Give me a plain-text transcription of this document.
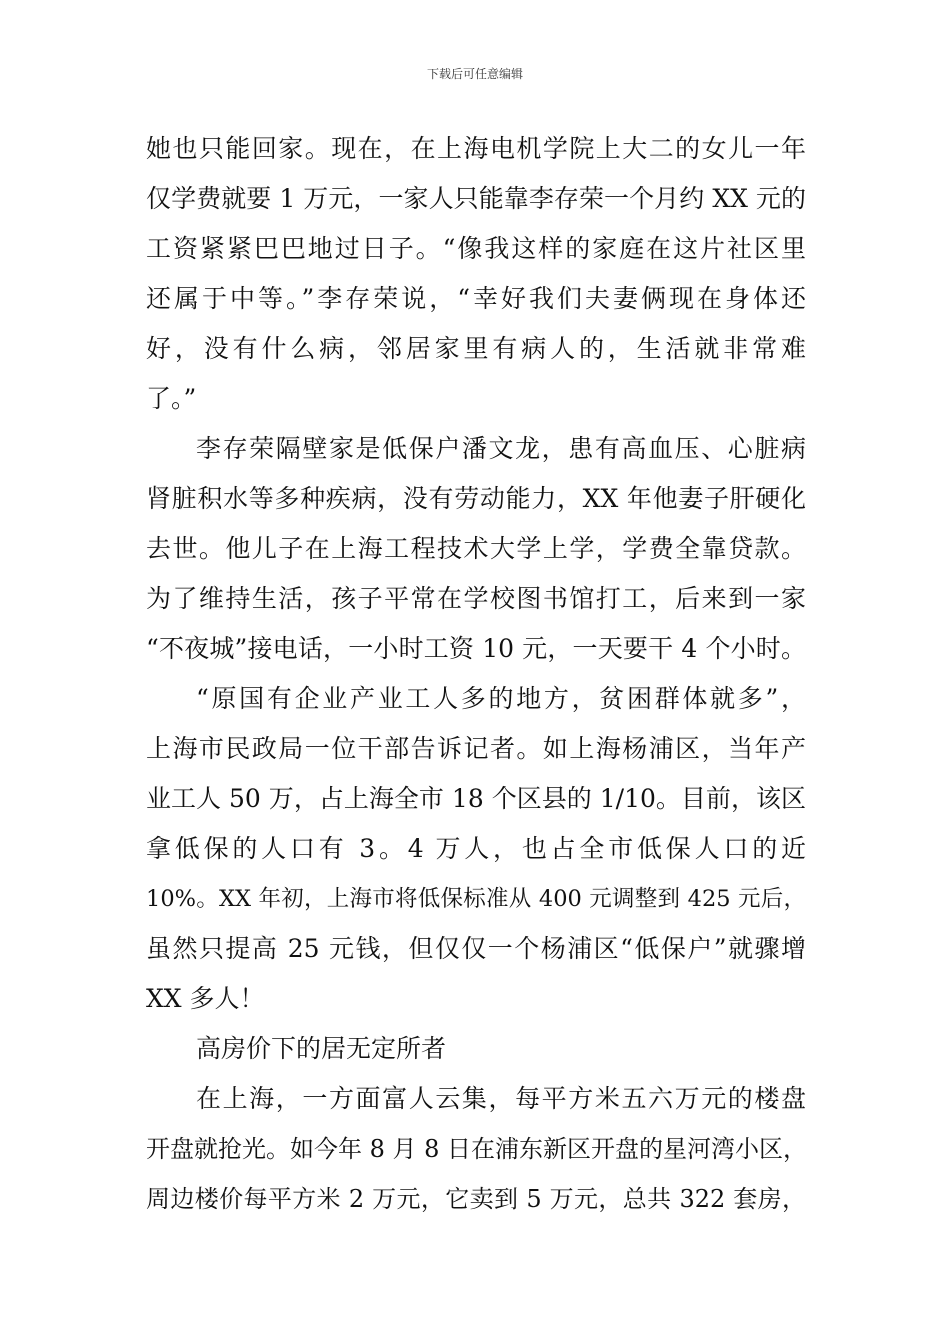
下载后可任意编辑
她也只能回家。现在，在上海电机学院上大二的女儿一年
仅学费就要 1 万元，一家人只能靠李存荣一个月约 XX 元的
工资紧紧巴巴地过日子。“像我这样的家庭在这片社区里
还属于中等。”李存荣说，“幸好我们夫妻俩现在身体还
好，没有什么病，邻居家里有病人的，生活就非常难
了。”
李存荣隔壁家是低保户潘文龙，患有高血压、心脏病
肾脏积水等多种疾病，没有劳动能力，XX 年他妻子肝硬化
去世。他儿子在上海工程技术大学上学，学费全靠贷款。
为了维持生活，孩子平常在学校图书馆打工，后来到一家
“不夜城”接电话，一小时工资 10 元，一天要干 4 个小时。
“原国有企业产业工人多的地方，贫困群体就多”，
上海市民政局一位干部告诉记者。如上海杨浦区，当年产
业工人 50 万，占上海全市 18 个区县的 1/10。目前，该区
拿低保的人口有 3。4 万人，也占全市低保人口的近
10%。XX 年初，上海市将低保标准从 400 元调整到 425 元后，
虽然只提高 25 元钱，但仅仅一个杨浦区“低保户”就骤增
XX 多人！
高房价下的居无定所者
在上海，一方面富人云集，每平方米五六万元的楼盘
开盘就抢光。如今年 8 月 8 日在浦东新区开盘的星河湾小区，
周边楼价每平方米 2 万元，它卖到 5 万元，总共 322 套房，
